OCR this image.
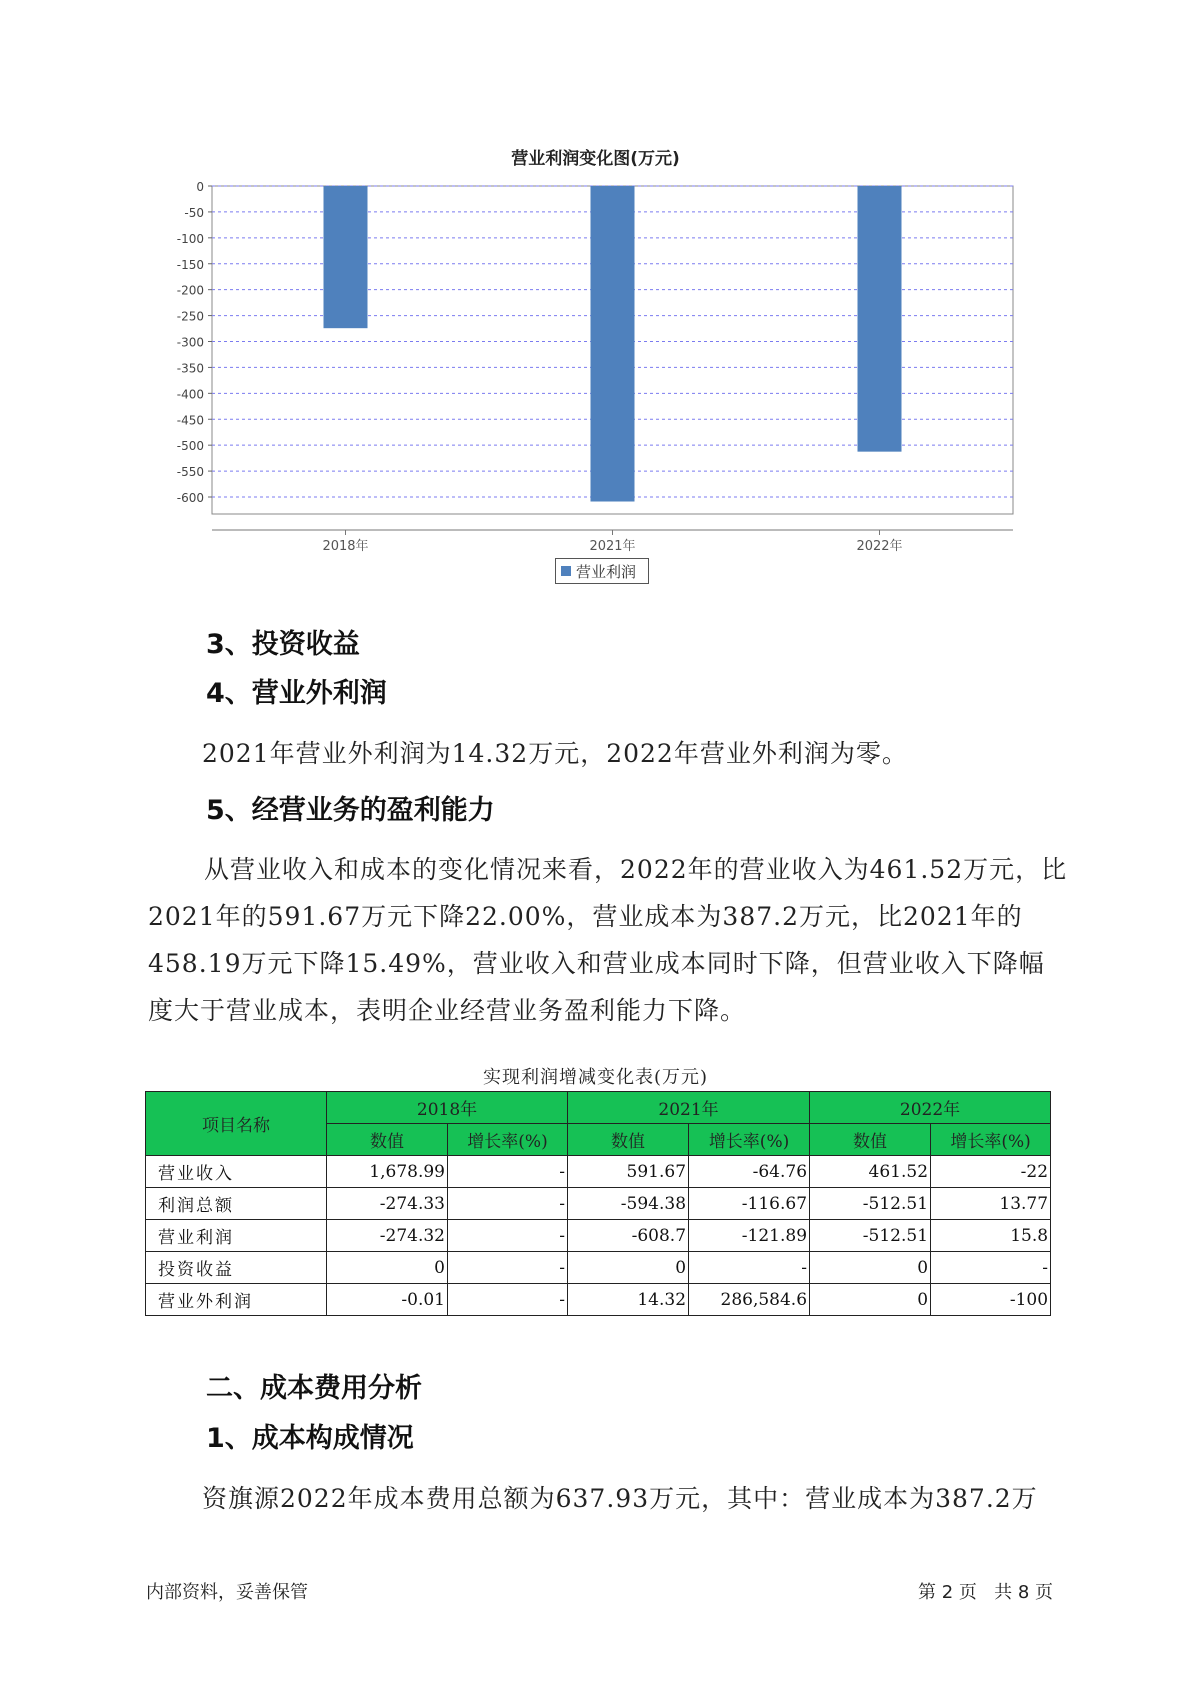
营业利润变化图(万元)
0
-50
-100
-150
-200
-250
-300
-350
-400
-450
-500
-550
-600
2018年	2021年	2022年
营业利润
3、投资收益
4、营业外利润
2021年营业外利润为14.32万元，2022年营业外利润为零。
5、经营业务的盈利能力
从营业收入和成本的变化情况来看，2022年的营业收入为461.52万元，比2021年的591.67万元下降22.00%，营业成本为387.2万元，比2021年的458.19万元下降15.49%，营业收入和营业成本同时下降，但营业收入下降幅度大于营业成本，表明企业经营业务盈利能力下降。
实现利润增减变化表(万元)
项目名称	2018年		2021年		2022年	
	数值	增长率(%)	数值	增长率(%)	数值	增长率(%)
营业收入	1,678.99	-	591.67	-64.76	461.52	-22
利润总额	-274.33	-	-594.38	-116.67	-512.51	13.77
营业利润	-274.32	-	-608.7	-121.89	-512.51	15.8
投资收益	0	-	0	-	0	-
营业外利润	-0.01	-	14.32	286,584.6	0	-100
二、成本费用分析
1、成本构成情况
资旗源2022年成本费用总额为637.93万元，其中：营业成本为387.2万
内部资料，妥善保管	第 2 页   共 8 页
